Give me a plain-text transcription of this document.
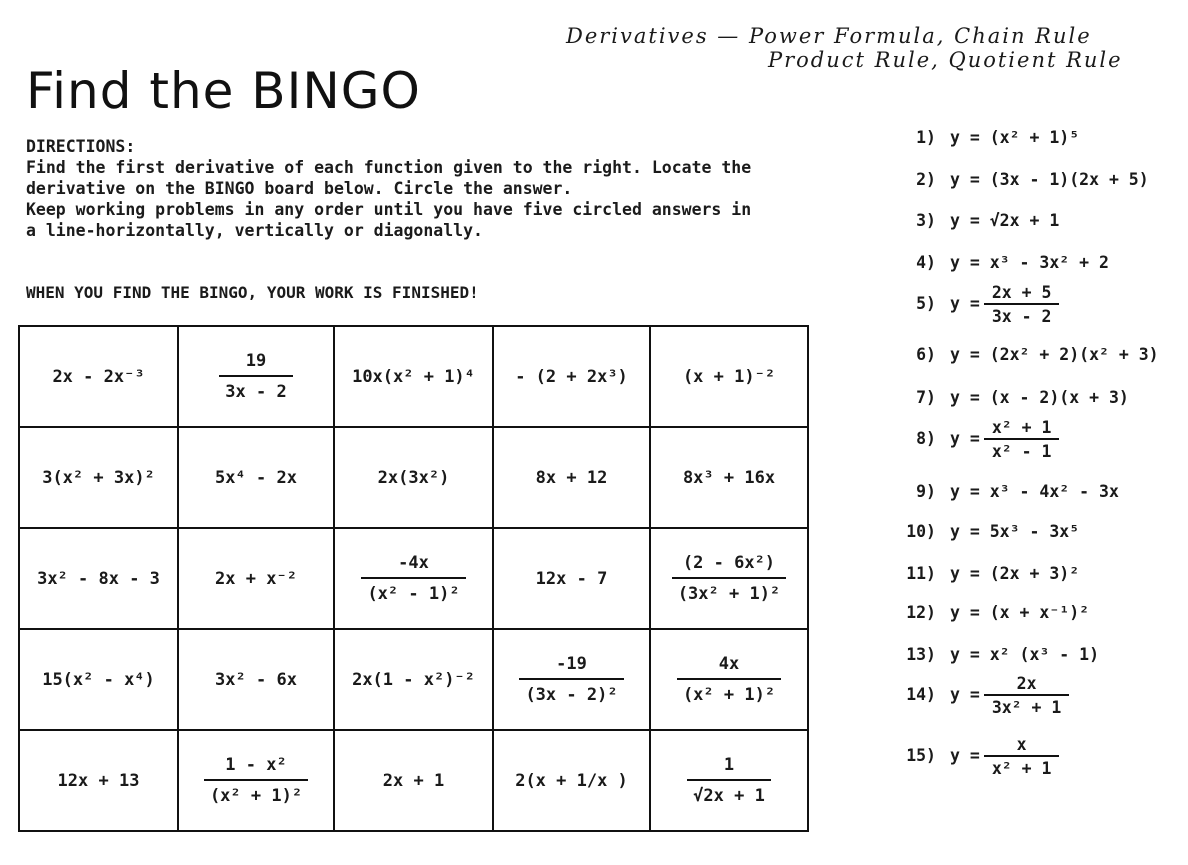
Derivatives — Power Formula, Chain Rule
Product Rule, Quotient Rule
Find the BINGO
DIRECTIONS:
Find the first derivative of each function given to the right. Locate the
derivative on the BINGO board below. Circle the answer.
Keep working problems in any order until you have five circled answers in
a line-horizontally, vertically or diagonally.
WHEN YOU FIND THE BINGO, YOUR WORK IS FINISHED!
2x - 2x⁻³	$\frac{19}{3x - 2}$	10x(x² + 1)⁴	- (2 + 2x³)	(x + 1)⁻²
3(x² + 3x)²	5x⁴ - 2x	2x(3x²)	8x + 12	8x³ + 16x
3x² - 8x - 3	2x + x⁻²	$\frac{-4x}{\text{(x² - 1)²}}$	12x - 7	$\frac{\text{(2 - 6x²)}}{\text{(3x² + 1)²}}$

15(x² - x⁴)	3x² - 6x	2x(1 - x²)⁻²	$\frac{-19}{\text{(3x - 2)²}}$	$\frac{4x}{\text{(x² + 1)²}}$

12x + 13	$\frac{\text{1 - x²}}{\text{(x² + 1)²}}$	2x + 1	2(x + 1/x )	$\frac{1}{√2x + 1}$
1) y = (x² + 1)⁵
2) y = (3x - 1)(2x + 5)
3) y = √2x + 1
4) y = x³ - 3x² + 2
5) $y = \frac{2x + 5}{3x - 2}$
6) y = (2x² + 2)(x² + 3)
7) y = (x - 2)(x + 3)
8) $y = \frac{\text{x² + 1}}{\text{x² - 1}}$
9) y = x³ - 4x² - 3x
10) y = 5x³ - 3x⁵
11) y = (2x + 3)²
12) y = (x + x⁻¹)²
13) y = x² (x³ - 1)
14) $y = \frac{2x}{\text{3x² + 1}}$
15) $y = \frac{x}{\text{x² + 1}}$
